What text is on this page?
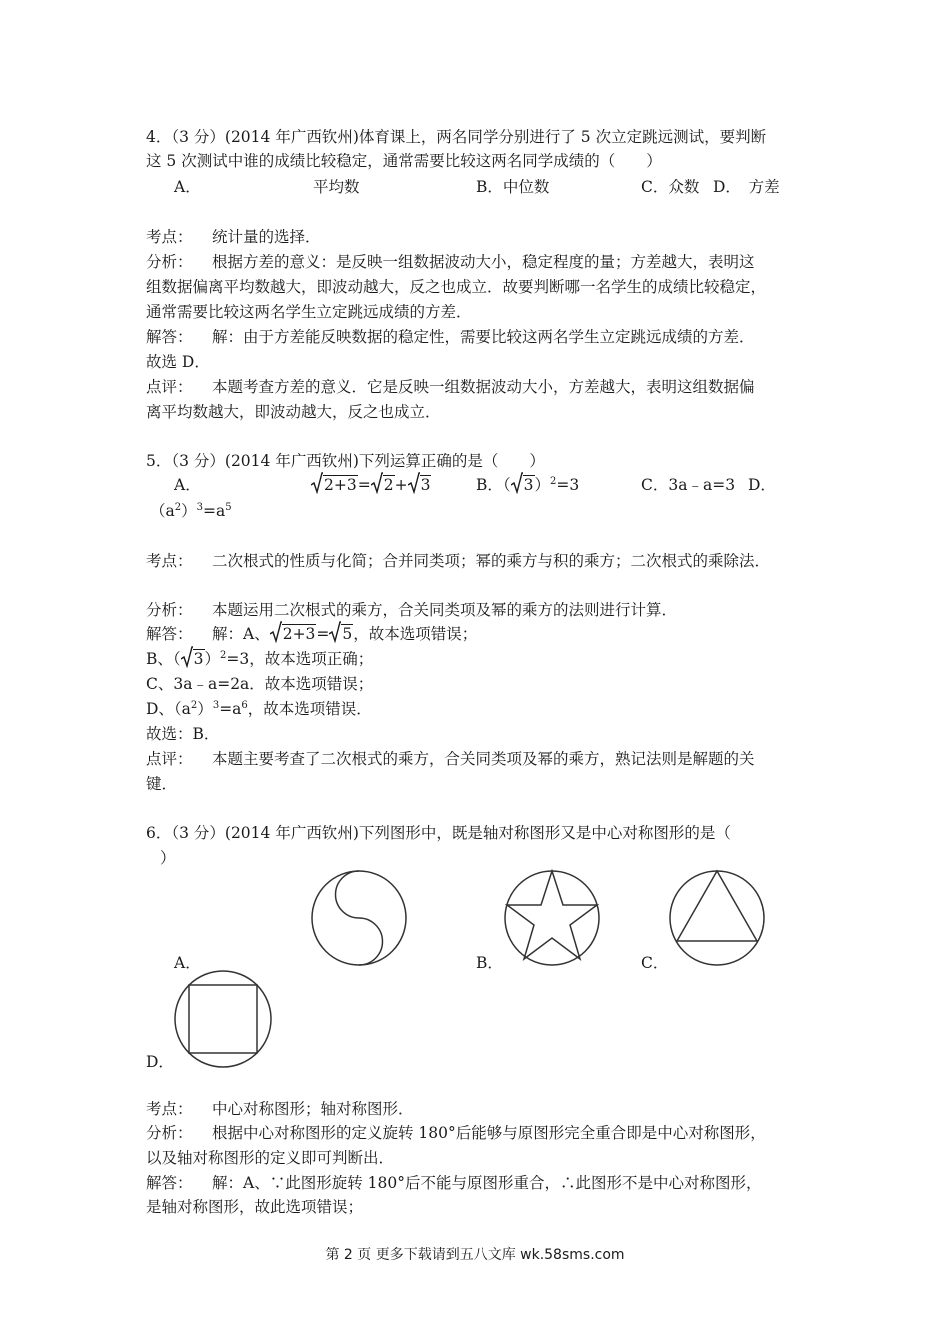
4．（3 分）(2014 年广西钦州)体育课上，两名同学分别进行了 5 次立定跳远测试，要判断
这 5 次测试中谁的成绩比较稳定，通常需要比较这两名同学成绩的（　　）
A．	平均数	B．中位数	C．众数 D．　方差
考点： 统计量的选择．
分析： 根据方差的意义：是反映一组数据波动大小，稳定程度的量；方差越大，表明这
组数据偏离平均数越大，即波动越大，反之也成立．故要判断哪一名学生的成绩比较稳定，
通常需要比较这两名学生立定跳远成绩的方差．
解答： 解：由于方差能反映数据的稳定性，需要比较这两名学生立定跳远成绩的方差．
故选 D．
点评： 本题考查方差的意义．它是反映一组数据波动大小，方差越大，表明这组数据偏
离平均数越大，即波动越大，反之也成立．
5．（3 分）(2014 年广西钦州)下列运算正确的是（　　）
A．	2+3= 2+ 3	B．（ 3）$^2$=3	C．3a﹣a=3 D．
$(a^2)^3=a^5$
考点： 二次根式的性质与化简；合并同类项；幂的乘方与积的乘方；二次根式的乘除法．
分析： 本题运用二次根式的乘方，合关同类项及幂的乘方的法则进行计算．
解答： 解：A、 2+3= 5，故本选项错误；
B、（ 3）$^2$=3，故本选项正确；
C、3a﹣a=2a．故本选项错误；
D、$(a^2)^3=a^6$，故本选项错误．
故选：B．
点评： 本题主要考查了二次根式的乘方，合关同类项及幂的乘方，熟记法则是解题的关
键．
6．（3 分）(2014 年广西钦州)下列图形中，既是轴对称图形又是中心对称图形的是（
）
A．	B．	C．
D．
考点： 中心对称图形；轴对称图形．
分析： 根据中心对称图形的定义旋转 180°后能够与原图形完全重合即是中心对称图形，
以及轴对称图形的定义即可判断出．
解答： 解：A、∵此图形旋转 180°后不能与原图形重合，∴此图形不是中心对称图形，
是轴对称图形，故此选项错误；
第 2 页 更多下载请到五八文库 wk.58sms.com
